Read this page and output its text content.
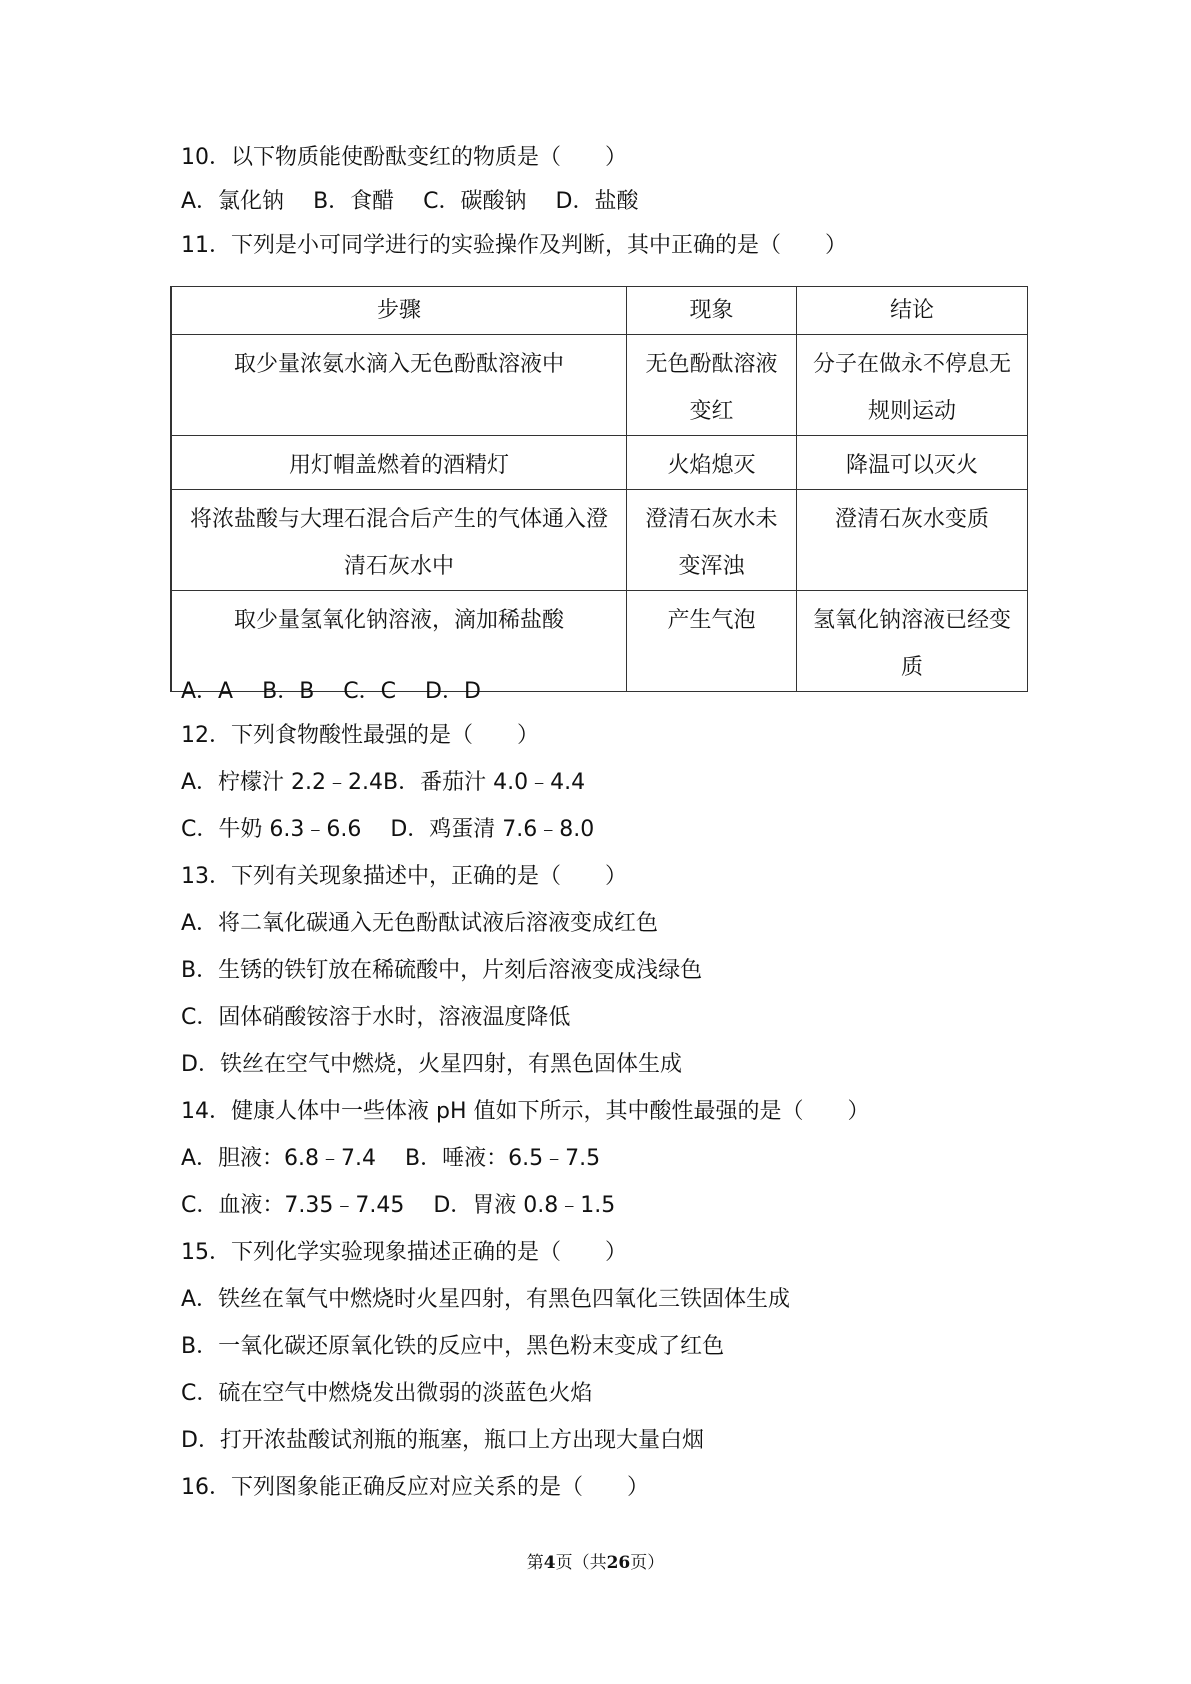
10．以下物质能使酚酞变红的物质是（　　）
A．氯化钠 B．食醋 C．碳酸钠 D．盐酸
11．下列是小可同学进行的实验操作及判断，其中正确的是（　　）
	步骤	现象	结论
	取少量浓氨水滴入无色酚酞溶液中	无色酚酞溶液变红	分子在做永不停息无规则运动
	用灯帽盖燃着的酒精灯	火焰熄灭	降温可以灭火
	将浓盐酸与大理石混合后产生的气体通入澄清石灰水中	澄清石灰水未变浑浊	澄清石灰水变质
	取少量氢氧化钠溶液，滴加稀盐酸	产生气泡	氢氧化钠溶液已经变质
A．A B．B C．C D．D
12．下列食物酸性最强的是（　　）
A．柠檬汁 2.2﹣2.4B．番茄汁 4.0﹣4.4
C．牛奶 6.3﹣6.6 D．鸡蛋清 7.6﹣8.0
13．下列有关现象描述中，正确的是（　　）
A．将二氧化碳通入无色酚酞试液后溶液变成红色
B．生锈的铁钉放在稀硫酸中，片刻后溶液变成浅绿色
C．固体硝酸铵溶于水时，溶液温度降低
D．铁丝在空气中燃烧，火星四射，有黑色固体生成
14．健康人体中一些体液 pH 值如下所示，其中酸性最强的是（　　）
A．胆液：6.8﹣7.4 B．唾液：6.5﹣7.5
C．血液：7.35﹣7.45 D．胃液 0.8﹣1.5
15．下列化学实验现象描述正确的是（　　）
A．铁丝在氧气中燃烧时火星四射，有黑色四氧化三铁固体生成
B．一氧化碳还原氧化铁的反应中，黑色粉末变成了红色
C．硫在空气中燃烧发出微弱的淡蓝色火焰
D．打开浓盐酸试剂瓶的瓶塞，瓶口上方出现大量白烟
16．下列图象能正确反应对应关系的是（　　）
第4页（共26页）
